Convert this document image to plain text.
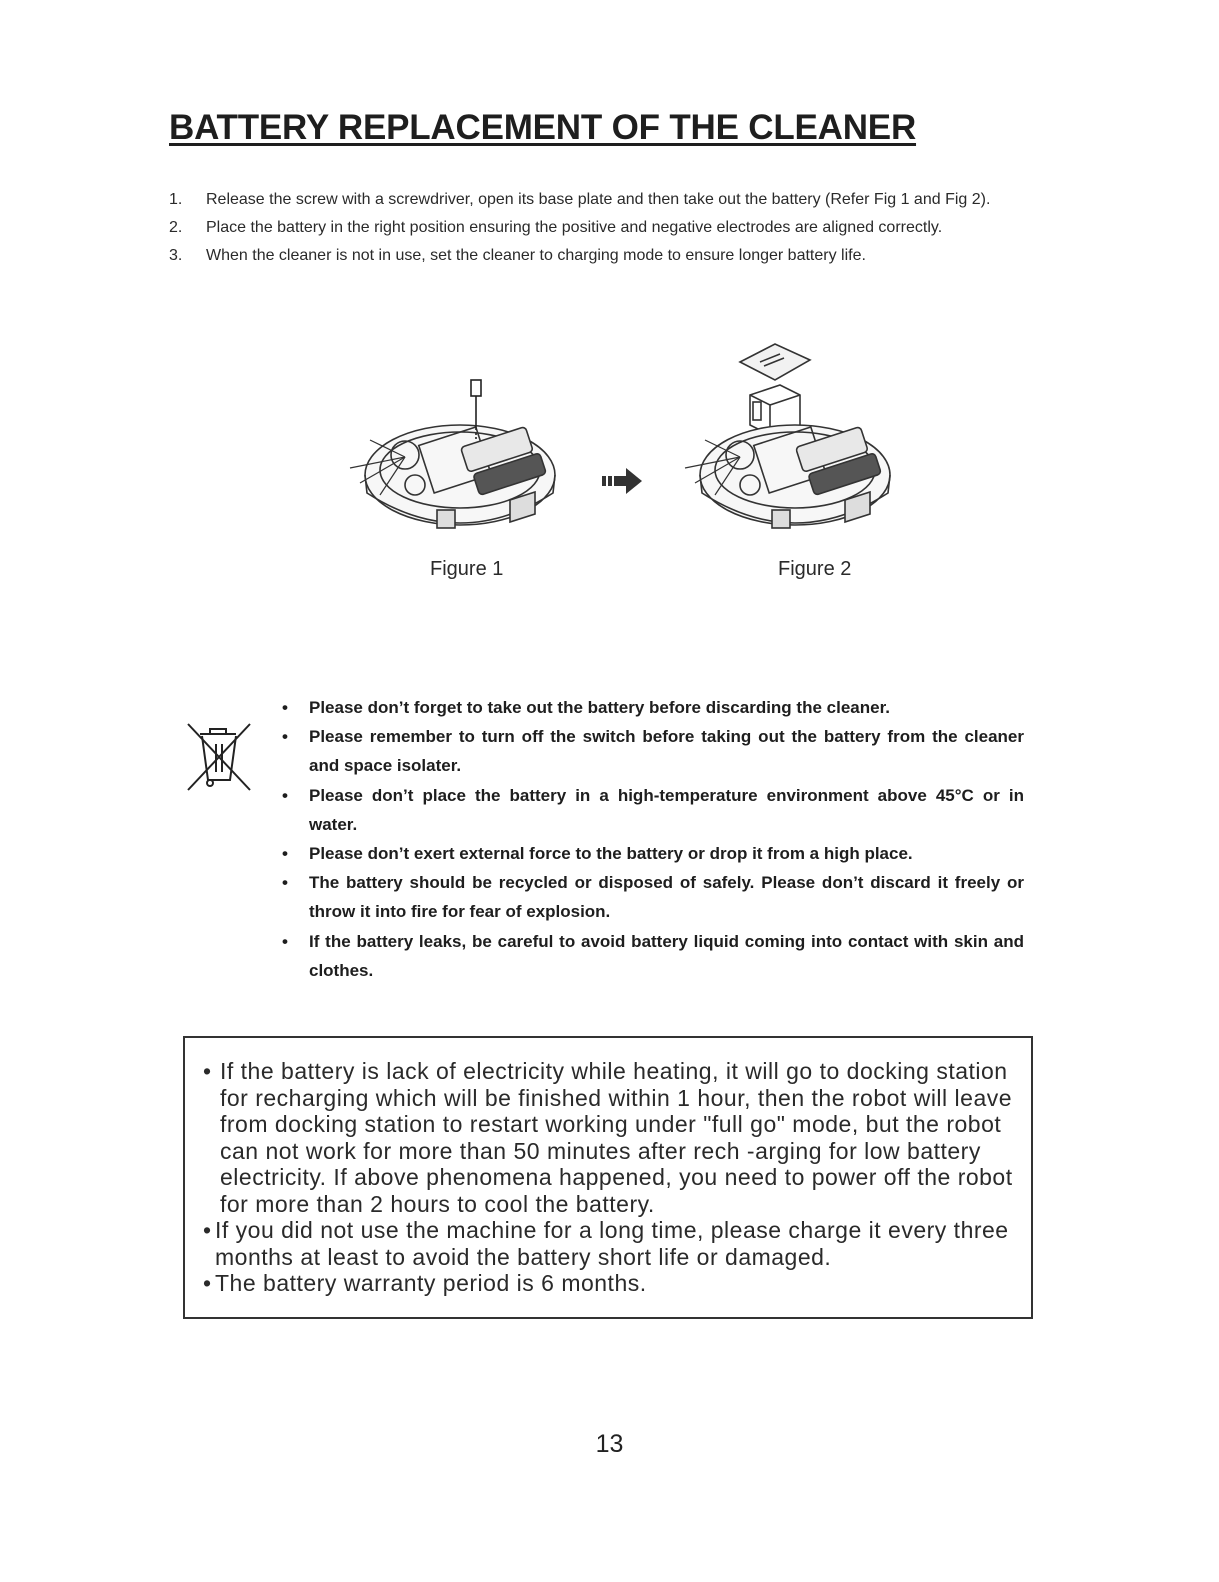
BATTERY REPLACEMENT OF THE CLEANER
1. Release the screw with a screwdriver, open its base plate and then take out the battery (Refer Fig 1 and Fig 2).
2. Place the battery in the right position ensuring the positive and negative electrodes are aligned correctly.
3. When the cleaner is not in use, set the cleaner to charging mode to ensure longer battery life.
Figure 1	Figure 2
• Please don’t forget to take out the battery before discarding the cleaner.
• Please remember to turn off the switch before taking out the battery from the cleaner and space isolater.
• Please don’t place the battery in a high-temperature environment above 45°C or in water.
• Please don’t exert external force to the battery or drop it from a high place.
• The battery should be recycled or disposed of safely. Please don’t discard it freely or throw it into fire for fear of explosion.
• If the battery leaks, be careful to avoid battery liquid coming into contact with skin and clothes.
• If the battery is lack of electricity while heating, it will go to docking station for recharging which will be finished within 1 hour, then the robot will leave from docking station to restart working under "full go" mode, but the robot can not work for more than 50 minutes after rech -arging for low battery electricity. If above phenomena happened, you need to power off the robot for more than 2 hours to cool the battery.
• If you did not use the machine for a long time, please charge it every three months at least to avoid the battery short life or damaged.
• The battery warranty period is 6 months.
13
